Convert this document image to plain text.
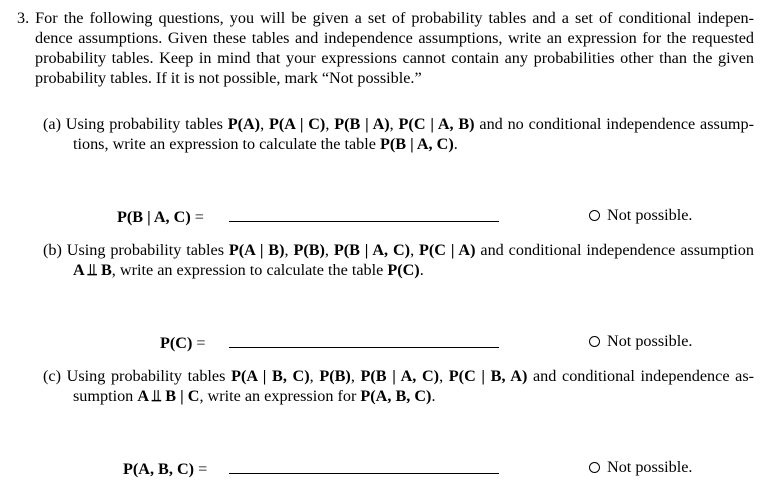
3. For the following questions, you will be given a set of probability tables and a set of conditional indepen-
dence assumptions. Given these tables and independence assumptions, write an expression for the requested
probability tables. Keep in mind that your expressions cannot contain any probabilities other than the given
probability tables. If it is not possible, mark “Not possible.”
(a) Using probability tables P(A), P(A | C), P(B | A), P(C | A, B) and no conditional independence assump-
tions, write an expression to calculate the table P(B | A, C).
P(B | A, C) =	Not possible.
(b) Using probability tables P(A | B), P(B), P(B | A, C), P(C | A) and conditional independence assumption
A ⫫ B, write an expression to calculate the table P(C).
P(C) =	Not possible.
(c) Using probability tables P(A | B, C), P(B), P(B | A, C), P(C | B, A) and conditional independence as-
sumption A ⫫ B | C, write an expression for P(A, B, C).
P(A, B, C) =	Not possible.
